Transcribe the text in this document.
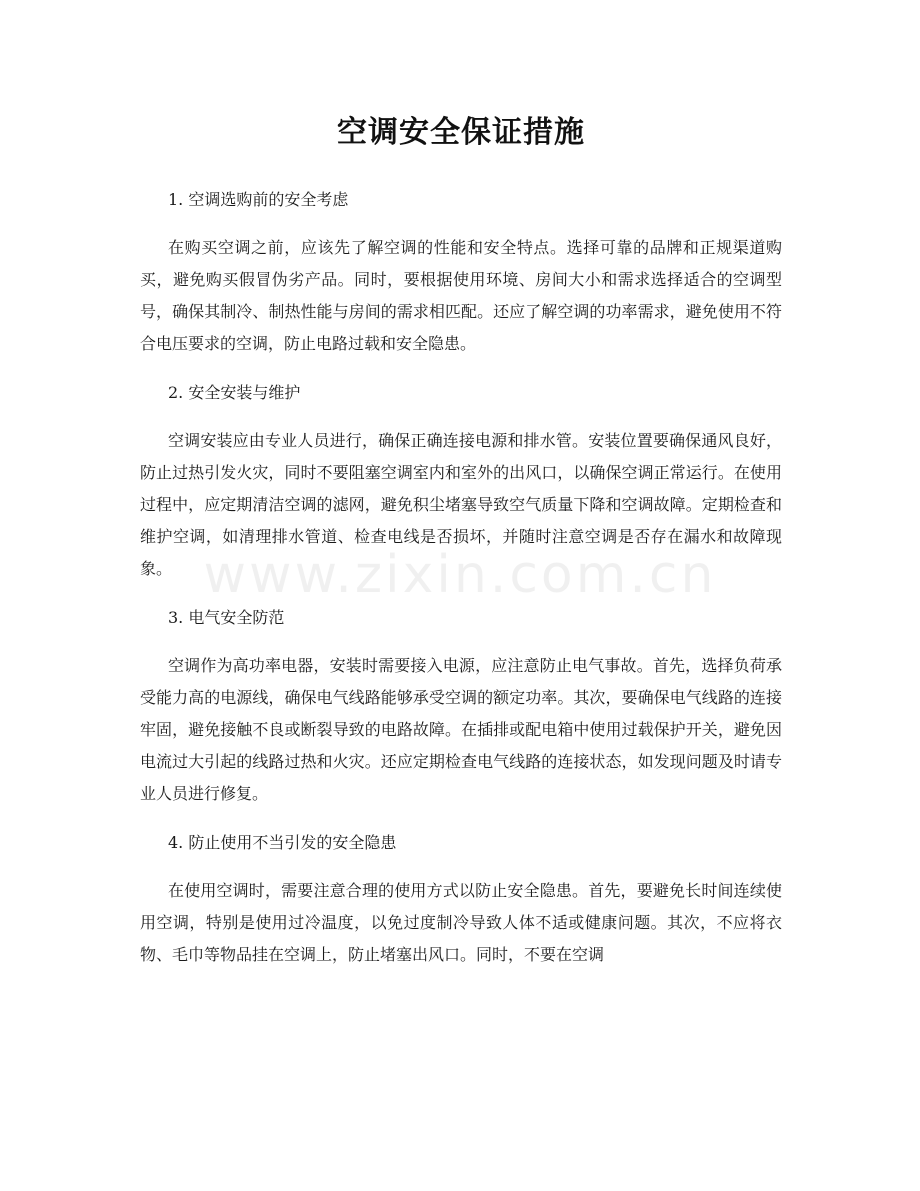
空调安全保证措施

1. 空调选购前的安全考虑

在购买空调之前，应该先了解空调的性能和安全特点。选择可靠的品牌和正规渠道购买，避免购买假冒伪劣产品。同时，要根据使用环境、房间大小和需求选择适合的空调型号，确保其制冷、制热性能与房间的需求相匹配。还应了解空调的功率需求，避免使用不符合电压要求的空调，防止电路过载和安全隐患。

2. 安全安装与维护

空调安装应由专业人员进行，确保正确连接电源和排水管。安装位置要确保通风良好，防止过热引发火灾，同时不要阻塞空调室内和室外的出风口，以确保空调正常运行。在使用过程中，应定期清洁空调的滤网，避免积尘堵塞导致空气质量下降和空调故障。定期检查和维护空调，如清理排水管道、检查电线是否损坏，并随时注意空调是否存在漏水和故障现象。

3. 电气安全防范

空调作为高功率电器，安装时需要接入电源，应注意防止电气事故。首先，选择负荷承受能力高的电源线，确保电气线路能够承受空调的额定功率。其次，要确保电气线路的连接牢固，避免接触不良或断裂导致的电路故障。在插排或配电箱中使用过载保护开关，避免因电流过大引起的线路过热和火灾。还应定期检查电气线路的连接状态，如发现问题及时请专业人员进行修复。

4. 防止使用不当引发的安全隐患

在使用空调时，需要注意合理的使用方式以防止安全隐患。首先，要避免长时间连续使用空调，特别是使用过冷温度，以免过度制冷导致人体不适或健康问题。其次，不应将衣物、毛巾等物品挂在空调上，防止堵塞出风口。同时，不要在空调

www.zixin.com.cn
